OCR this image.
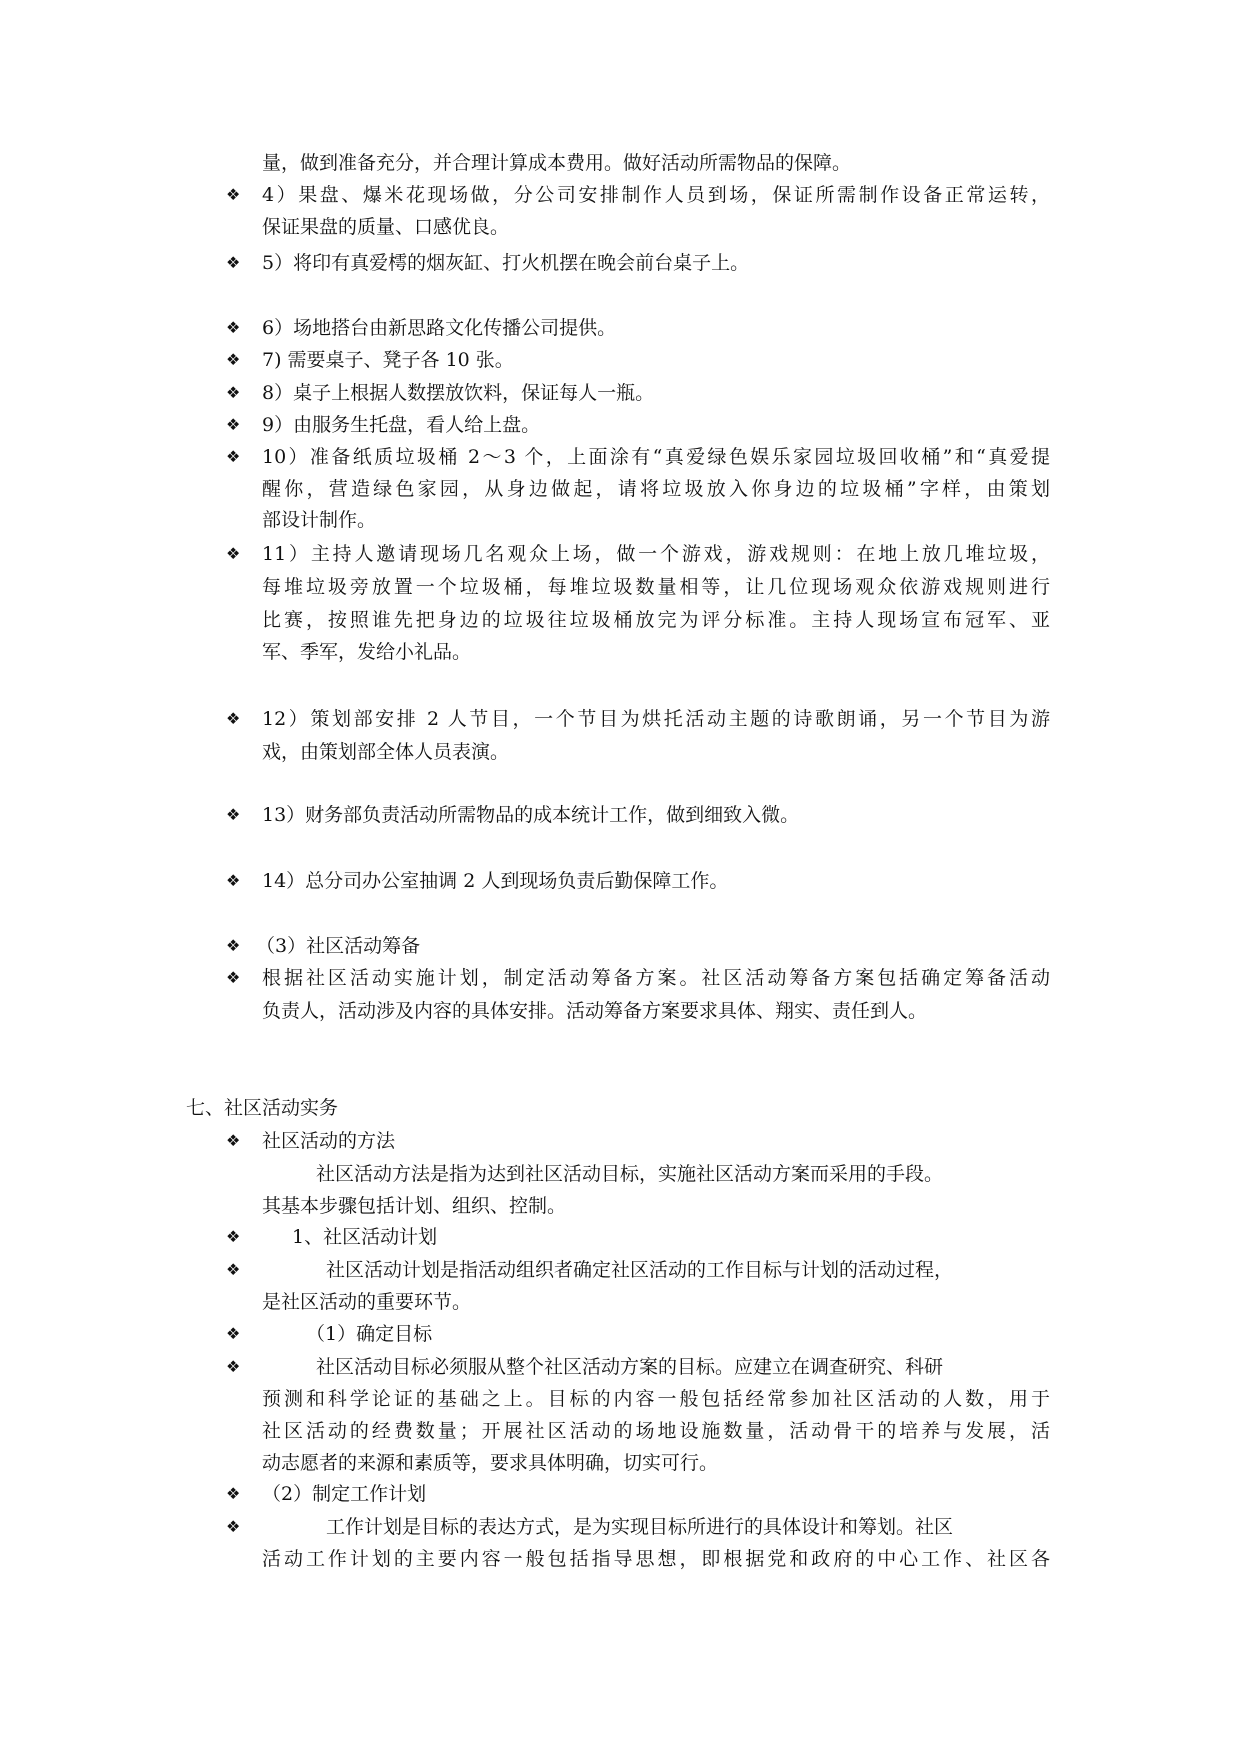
量，做到准备充分，并合理计算成本费用。做好活动所需物品的保障。
❖ 4）果盘、爆米花现场做，分公司安排制作人员到场，保证所需制作设备正常运转，
保证果盘的质量、口感优良。
❖ 5）将印有真爱樗的烟灰缸、打火机摆在晚会前台桌子上。
❖ 6）场地搭台由新思路文化传播公司提供。
❖ 7) 需要桌子、凳子各 10 张。
❖ 8）桌子上根据人数摆放饮料，保证每人一瓶。
❖ 9）由服务生托盘，看人给上盘。
❖ 10）准备纸质垃圾桶 2～3 个，上面涂有“真爱绿色娱乐家园垃圾回收桶”和“真爱提
醒你，营造绿色家园，从身边做起，请将垃圾放入你身边的垃圾桶”字样，由策划
部设计制作。
❖ 11）主持人邀请现场几名观众上场，做一个游戏，游戏规则：在地上放几堆垃圾，
每堆垃圾旁放置一个垃圾桶，每堆垃圾数量相等，让几位现场观众依游戏规则进行
比赛，按照谁先把身边的垃圾往垃圾桶放完为评分标准。主持人现场宣布冠军、亚
军、季军，发给小礼品。
❖ 12）策划部安排 2 人节目，一个节目为烘托活动主题的诗歌朗诵，另一个节目为游
戏，由策划部全体人员表演。
❖ 13）财务部负责活动所需物品的成本统计工作，做到细致入微。
❖ 14）总分司办公室抽调 2 人到现场负责后勤保障工作。
❖ （3）社区活动筹备
❖ 根据社区活动实施计划，制定活动筹备方案。社区活动筹备方案包括确定筹备活动
负责人，活动涉及内容的具体安排。活动筹备方案要求具体、翔实、责任到人。
七、社区活动实务
❖ 社区活动的方法
社区活动方法是指为达到社区活动目标，实施社区活动方案而采用的手段。
其基本步骤包括计划、组织、控制。
❖	1、社区活动计划
❖	社区活动计划是指活动组织者确定社区活动的工作目标与计划的活动过程，
是社区活动的重要环节。
❖	（1）确定目标
❖	社区活动目标必须服从整个社区活动方案的目标。应建立在调查研究、科研
预测和科学论证的基础之上。目标的内容一般包括经常参加社区活动的人数，用于
社区活动的经费数量；开展社区活动的场地设施数量，活动骨干的培养与发展，活
动志愿者的来源和素质等，要求具体明确，切实可行。
❖ （2）制定工作计划
❖	工作计划是目标的表达方式，是为实现目标所进行的具体设计和筹划。社区
活动工作计划的主要内容一般包括指导思想，即根据党和政府的中心工作、社区各
